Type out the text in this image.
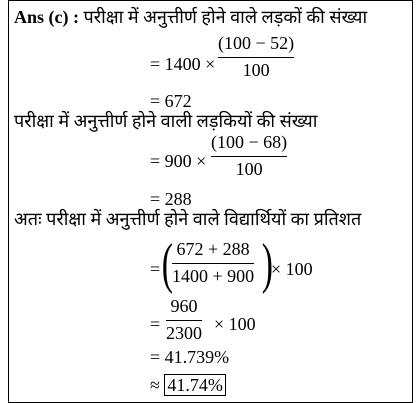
Ans (c) : परीक्षा में अनुत्तीर्ण होने वाले लड़कों की संख्या
= 1400 ×
(100 − 52)
100
= 672
परीक्षा में अनुत्तीर्ण होने वाली लड़कियों की संख्या
= 900 ×
(100 − 68)
100
= 288
अतः परीक्षा में अनुत्तीर्ण होने वाले विद्यार्थियों का प्रतिशत
= ( 672 + 288
1400 + 900 )
× 100
=
960
2300 × 100
= 41.739%
≈ 41.74%
